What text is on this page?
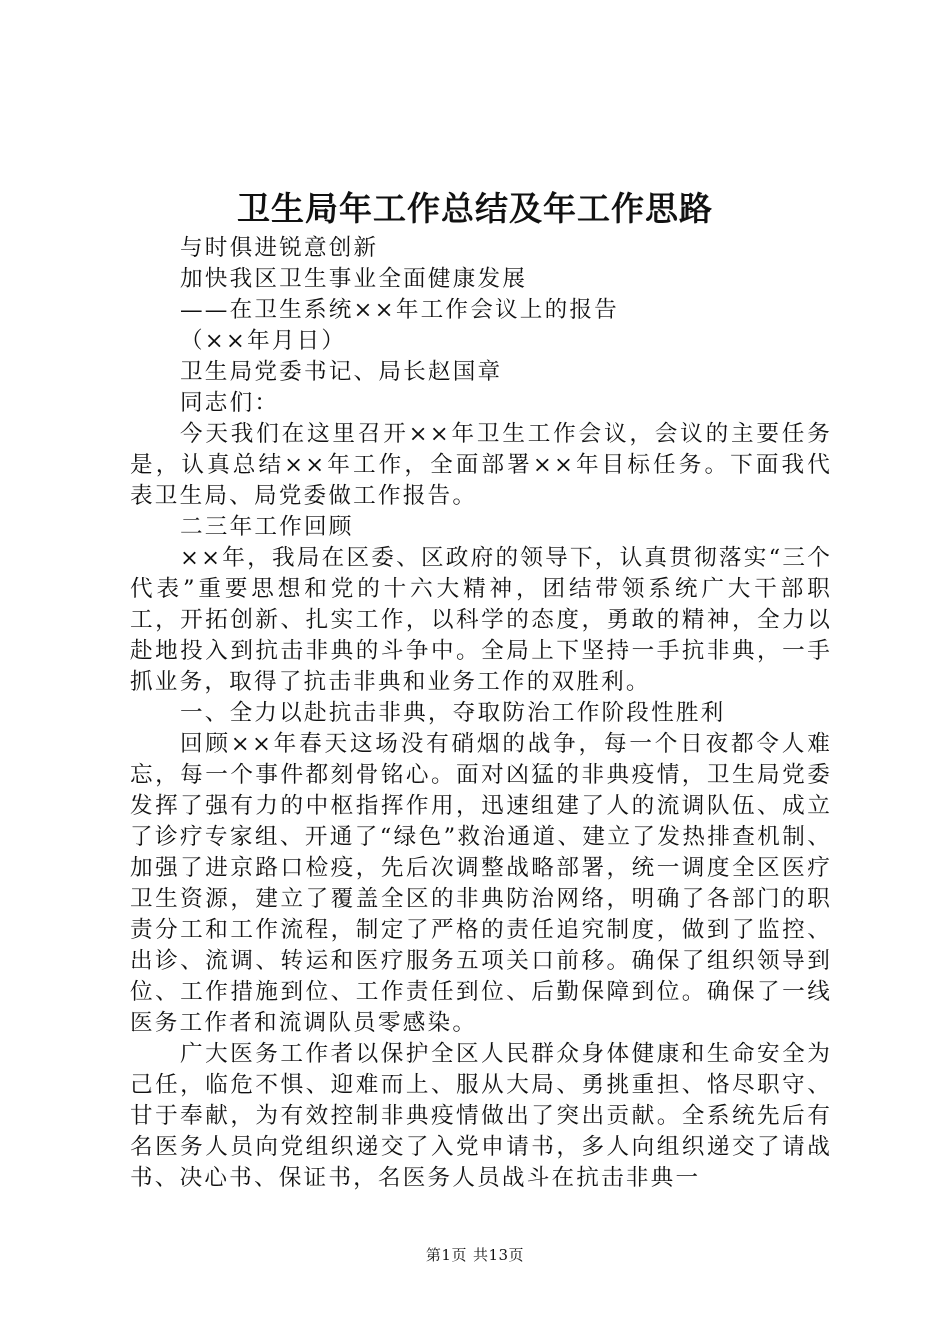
卫生局年工作总结及年工作思路

与时俱进锐意创新

加快我区卫生事业全面健康发展

——在卫生系统××年工作会议上的报告

（××年月日）

卫生局党委书记、局长赵国章

同志们：

今天我们在这里召开××年卫生工作会议，会议的主要任务是，认真总结××年工作，全面部署××年目标任务。下面我代表卫生局、局党委做工作报告。

二三年工作回顾

××年，我局在区委、区政府的领导下，认真贯彻落实“三个代表”重要思想和党的十六大精神，团结带领系统广大干部职工，开拓创新、扎实工作，以科学的态度，勇敢的精神，全力以赴地投入到抗击非典的斗争中。全局上下坚持一手抗非典，一手抓业务，取得了抗击非典和业务工作的双胜利。

一、全力以赴抗击非典，夺取防治工作阶段性胜利

回顾××年春天这场没有硝烟的战争，每一个日夜都令人难忘，每一个事件都刻骨铭心。面对凶猛的非典疫情，卫生局党委发挥了强有力的中枢指挥作用，迅速组建了人的流调队伍、成立了诊疗专家组、开通了“绿色”救治通道、建立了发热排查机制、加强了进京路口检疫，先后次调整战略部署，统一调度全区医疗卫生资源，建立了覆盖全区的非典防治网络，明确了各部门的职责分工和工作流程，制定了严格的责任追究制度，做到了监控、出诊、流调、转运和医疗服务五项关口前移。确保了组织领导到位、工作措施到位、工作责任到位、后勤保障到位。确保了一线医务工作者和流调队员零感染。

广大医务工作者以保护全区人民群众身体健康和生命安全为己任，临危不惧、迎难而上、服从大局、勇挑重担、恪尽职守、甘于奉献，为有效控制非典疫情做出了突出贡献。全系统先后有名医务人员向党组织递交了入党申请书，多人向组织递交了请战书、决心书、保证书，名医务人员战斗在抗击非典一

第1页 共13页
